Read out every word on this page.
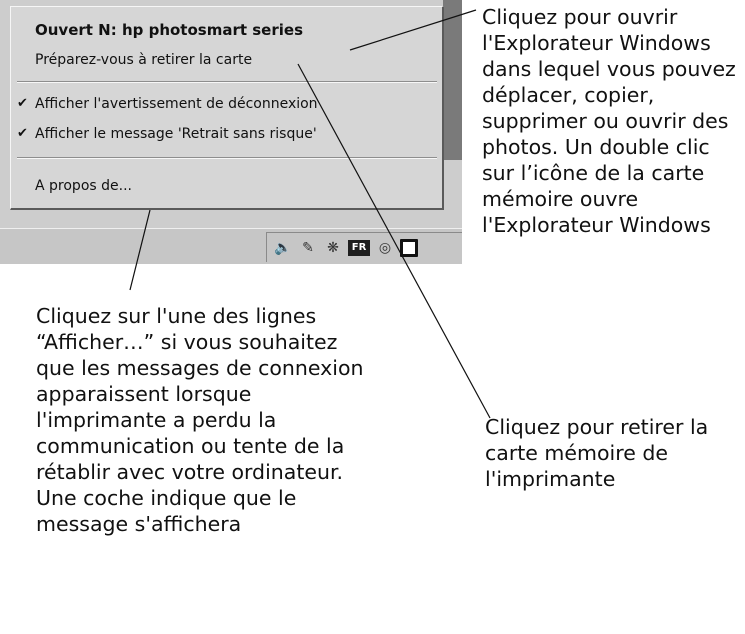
🔈 ✎ ❋	FR ◎
Ouvert N: hp photosmart series
Préparez-vous à retirer la carte
✔ Afficher l'avertissement de déconnexion
✔ Afficher le message 'Retrait sans risque'
A propos de...

Cliquez pour ouvrir l'Explorateur Windows dans lequel vous pouvez déplacer, copier, supprimer ou ouvrir des photos. Un double clic sur l’icône de la carte mémoire ouvre l'Explorateur Windows

Cliquez sur l'une des lignes “Afficher…” si vous souhaitez que les messages de connexion apparaissent lorsque l'imprimante a perdu la communication ou tente de la rétablir avec votre ordinateur. Une coche indique que le message s'affichera

Cliquez pour retirer la carte mémoire de l'imprimante
